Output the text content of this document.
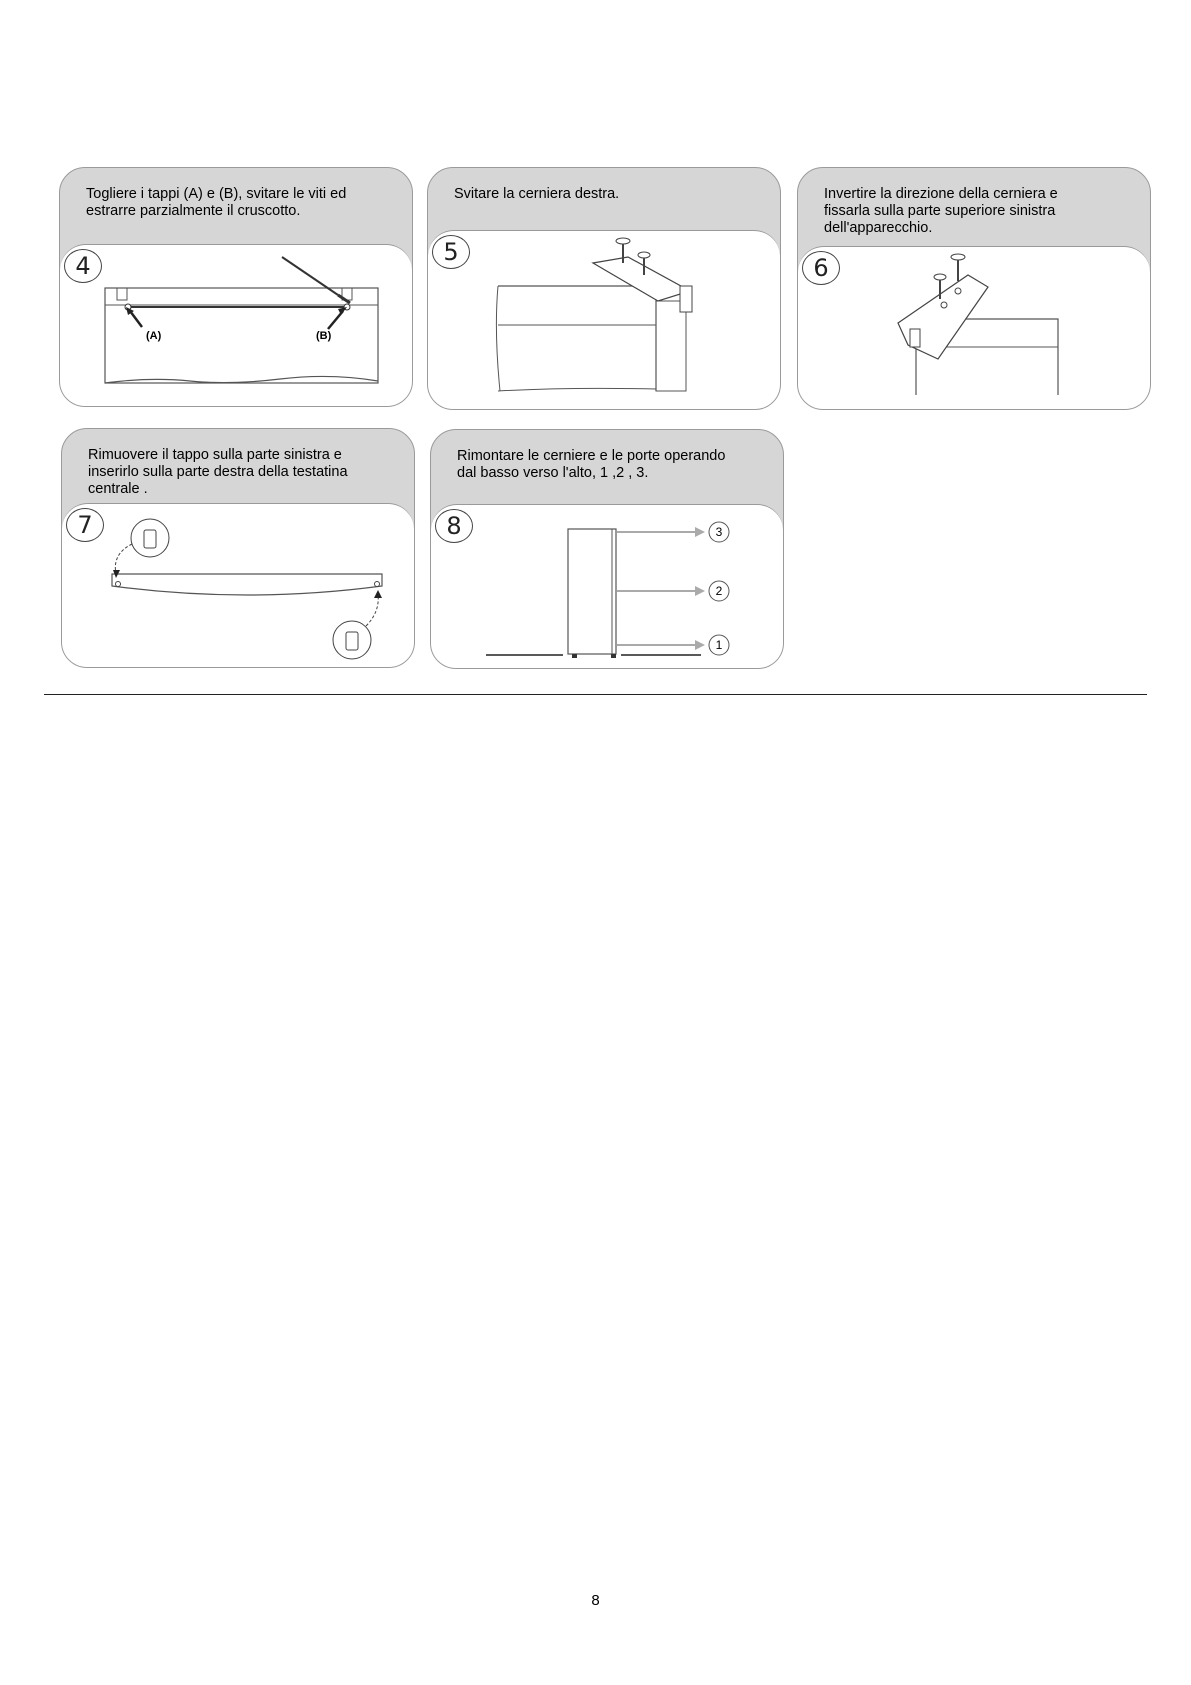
Togliere i tappi (A) e (B), svitare le viti ed
estrarre parzialmente il cruscotto.
4
(A)	(B)
Svitare la cerniera destra.
5
Invertire la direzione della cerniera e
fissarla sulla parte superiore sinistra
dell'apparecchio.
6
Rimuovere il tappo sulla parte sinistra e
inserirlo sulla parte destra della testatina
centrale .
7
Rimontare le cerniere e le porte operando
dal basso verso l'alto, 1 ,2 , 3.
8	3
2
1
8
